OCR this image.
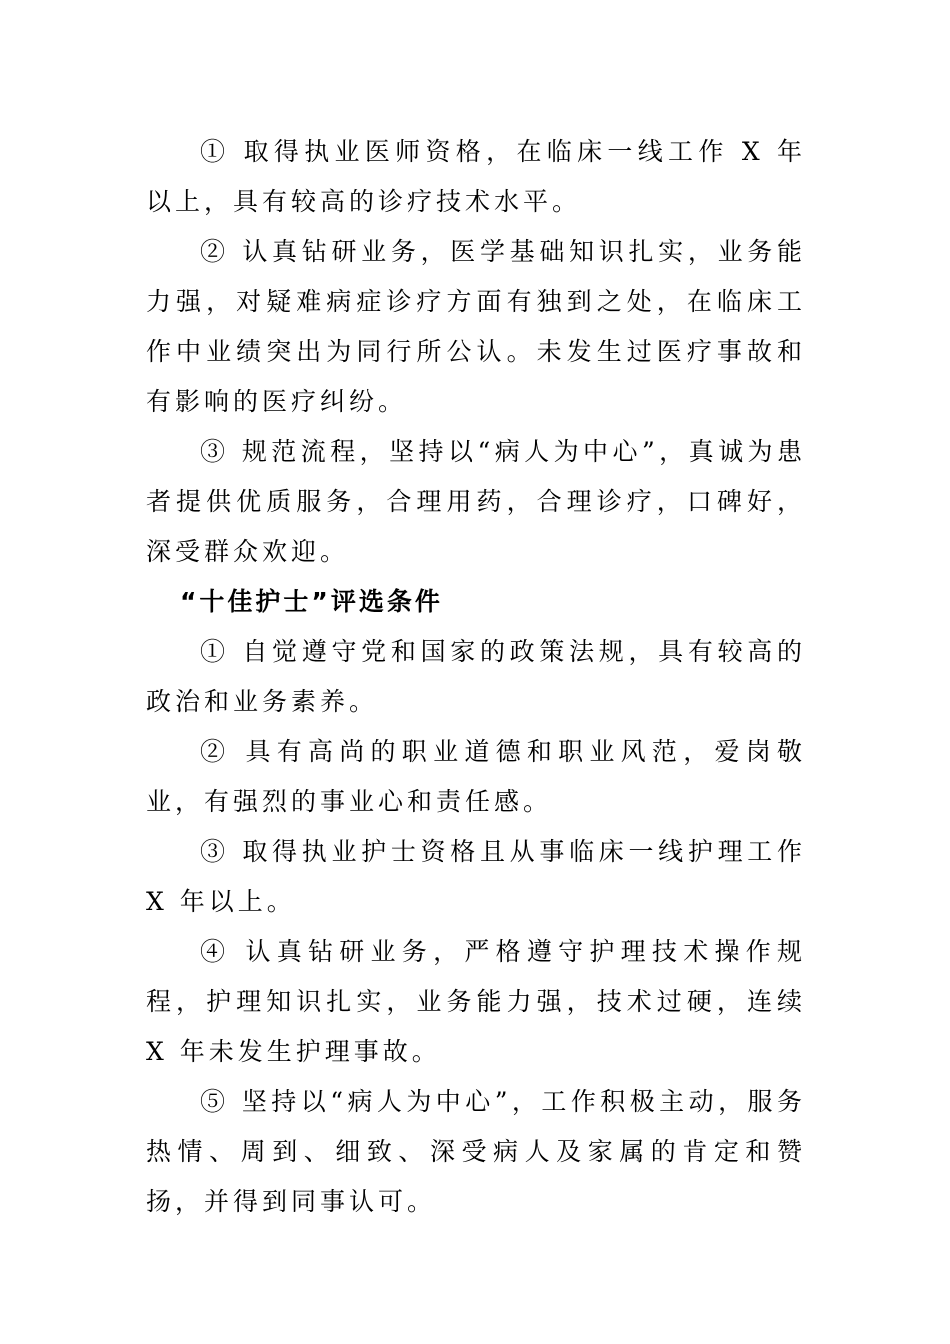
① 取得执业医师资格，在临床一线工作 X 年以上，具有较高的诊疗技术水平。

② 认真钻研业务，医学基础知识扎实，业务能力强，对疑难病症诊疗方面有独到之处，在临床工作中业绩突出为同行所公认。未发生过医疗事故和有影响的医疗纠纷。

③ 规范流程，坚持以“病人为中心”，真诚为患者提供优质服务，合理用药，合理诊疗，口碑好，深受群众欢迎。

“十佳护士”评选条件

① 自觉遵守党和国家的政策法规，具有较高的政治和业务素养。

② 具有高尚的职业道德和职业风范，爱岗敬业，有强烈的事业心和责任感。

③ 取得执业护士资格且从事临床一线护理工作 X 年以上。

④ 认真钻研业务，严格遵守护理技术操作规程，护理知识扎实，业务能力强，技术过硬，连续 X 年未发生护理事故。

⑤ 坚持以“病人为中心”，工作积极主动，服务热情、周到、细致、深受病人及家属的肯定和赞扬，并得到同事认可。
